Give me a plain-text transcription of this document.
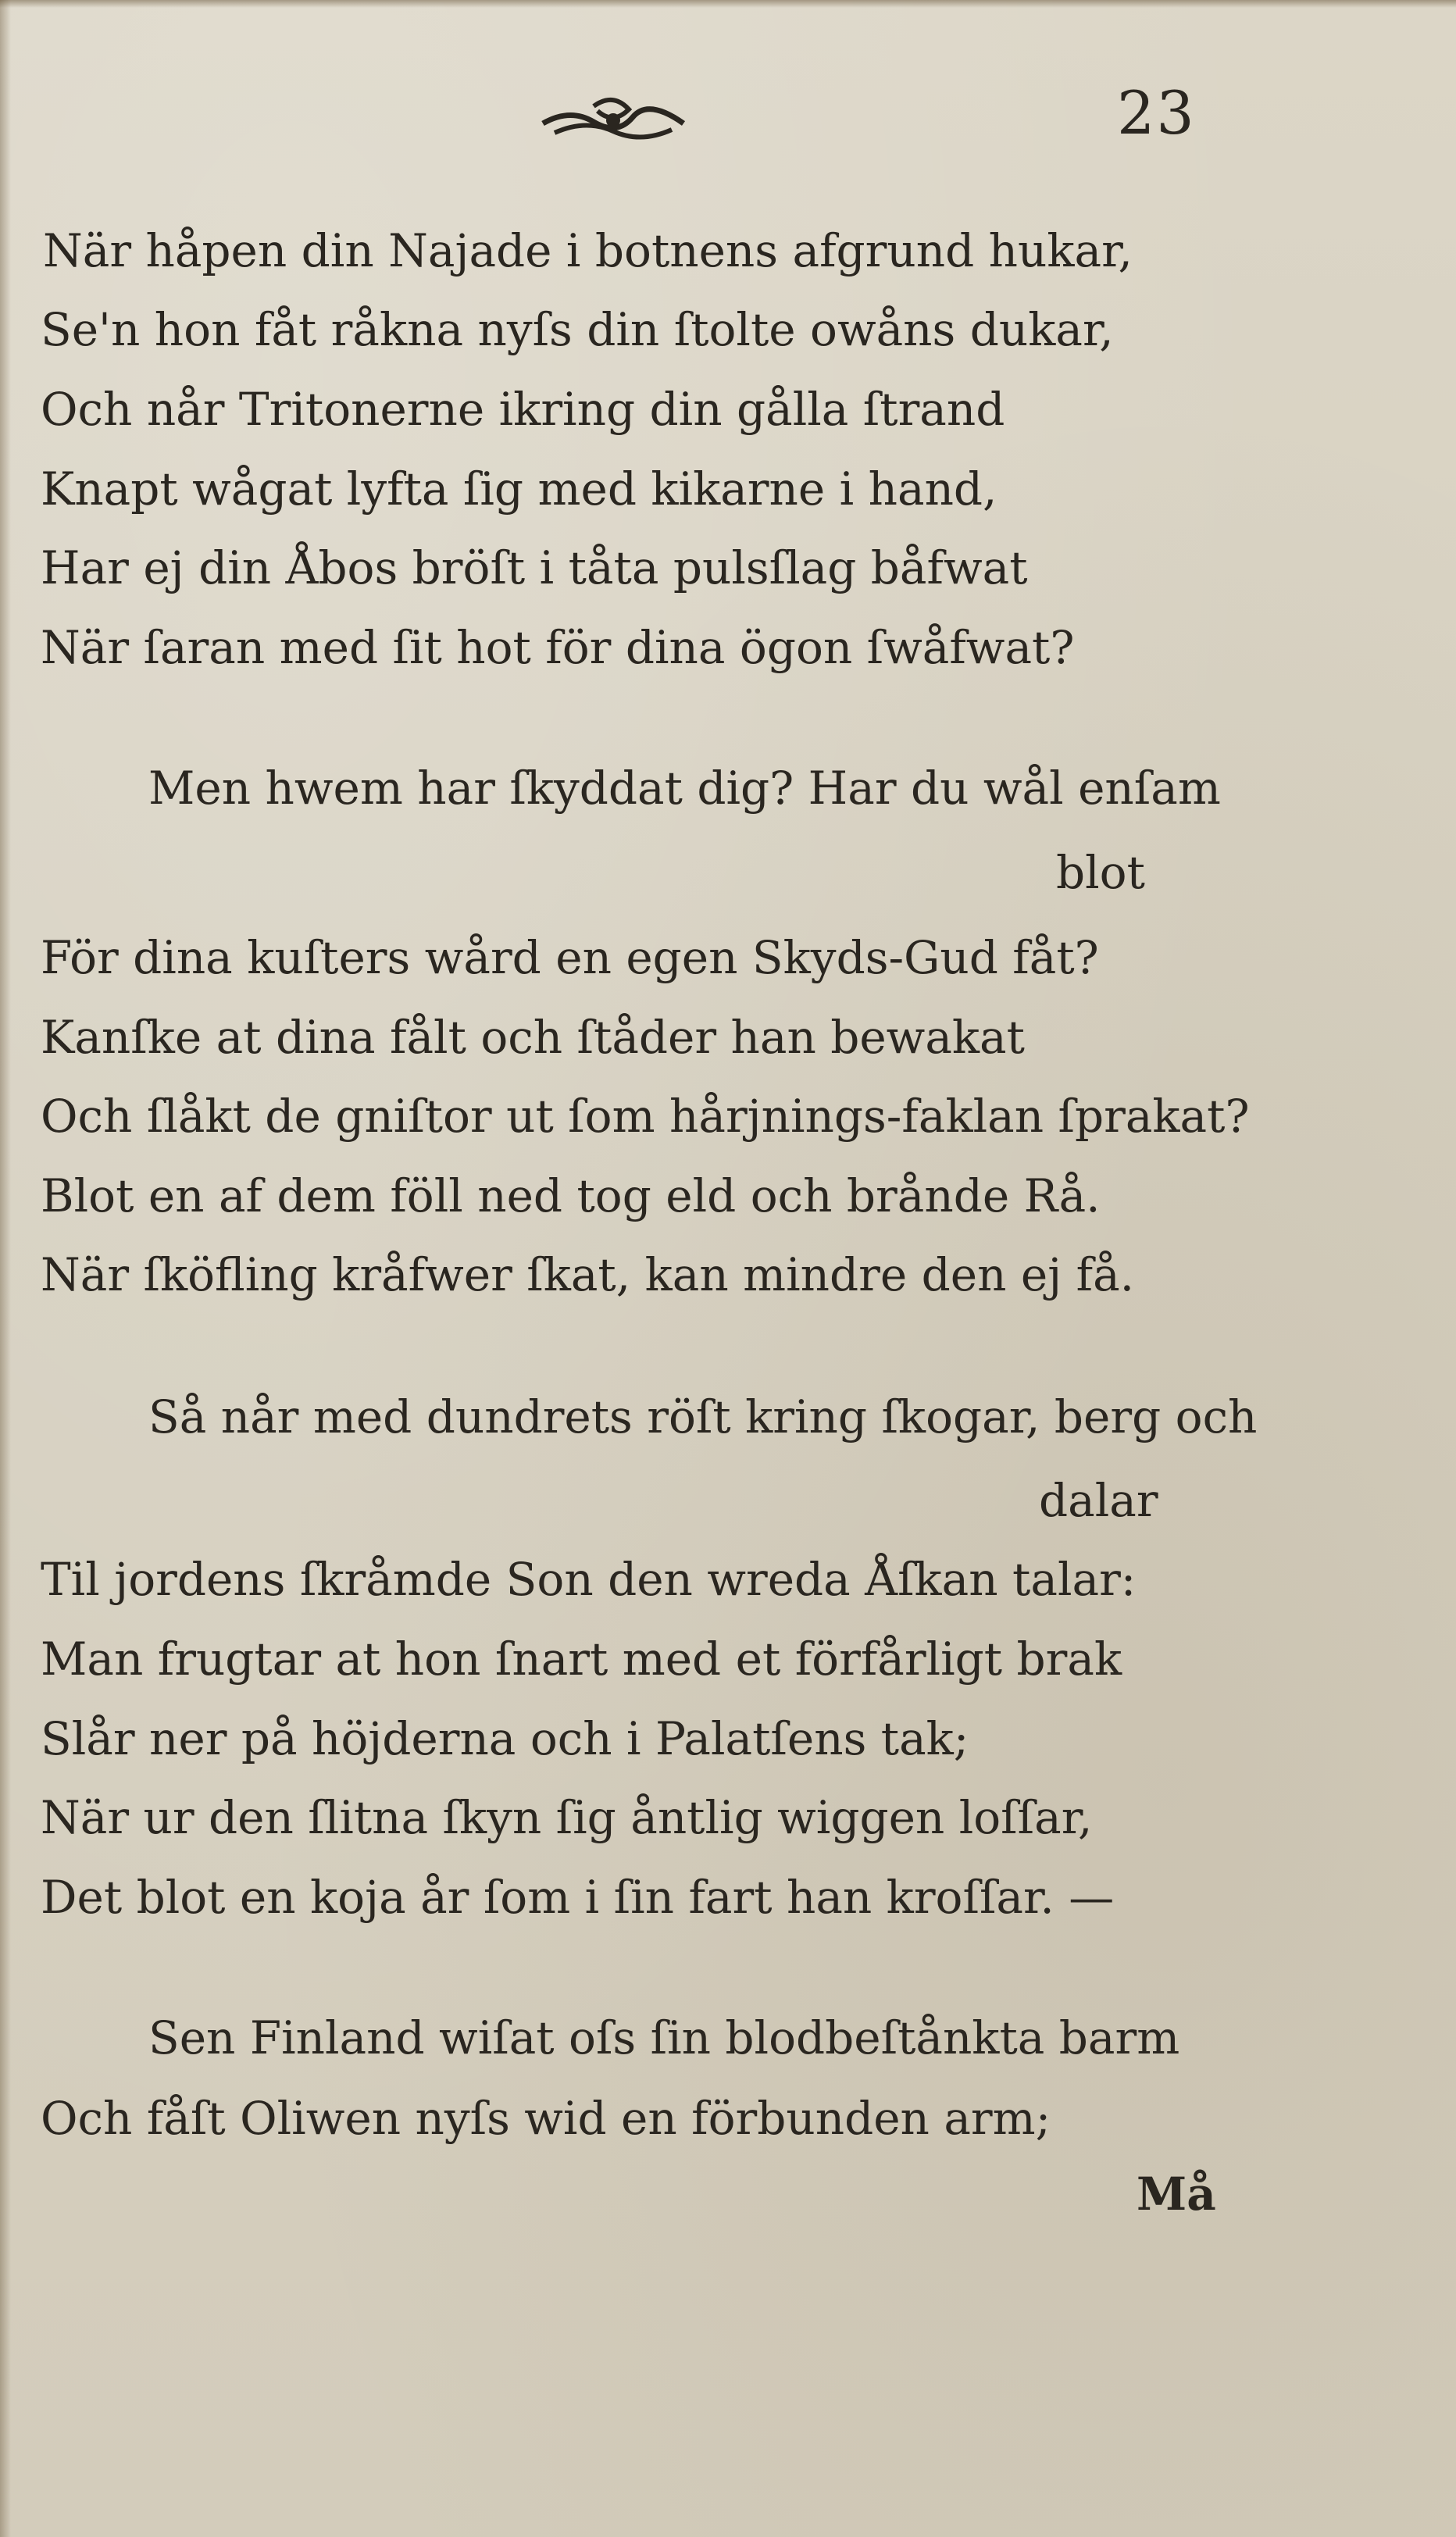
23
När håpen din Najade i botnens afgrund hukar,
Se'n hon fåt råkna nyſs din ſtolte owåns dukar,
Och når Tritonerne ikring din gålla ſtrand
Knapt wågat lyfta ſig med kikarne i hand,
Har ej din Åbos bröſt i tåta pulsſlag båfwat
När ſaran med ſit hot för dina ögon ſwåfwat?
Men hwem har ſkyddat dig? Har du wål enſam
blot
För dina kuſters wård en egen Skyds-Gud fåt?
Kanſke at dina fålt och ſtåder han bewakat
Och ſlåkt de gniſtor ut ſom hårjnings-faklan ſprakat?
Blot en af dem föll ned tog eld och brånde Rå.
När ſköfling kråfwer ſkat, kan mindre den ej få.
Så når med dundrets röſt kring ſkogar, berg och
dalar
Til jordens ſkråmde Son den wreda Åſkan talar:
Man frugtar at hon ſnart med et förfårligt brak
Slår ner på höjderna och i Palatſens tak;
När ur den ſlitna ſkyn ſig åntlig wiggen loſſar,
Det blot en koja år ſom i ſin fart han kroſſar. —
Sen Finland wiſat oſs ſin blodbeſtånkta barm
Och fåſt Oliwen nyſs wid en förbunden arm;
Må
